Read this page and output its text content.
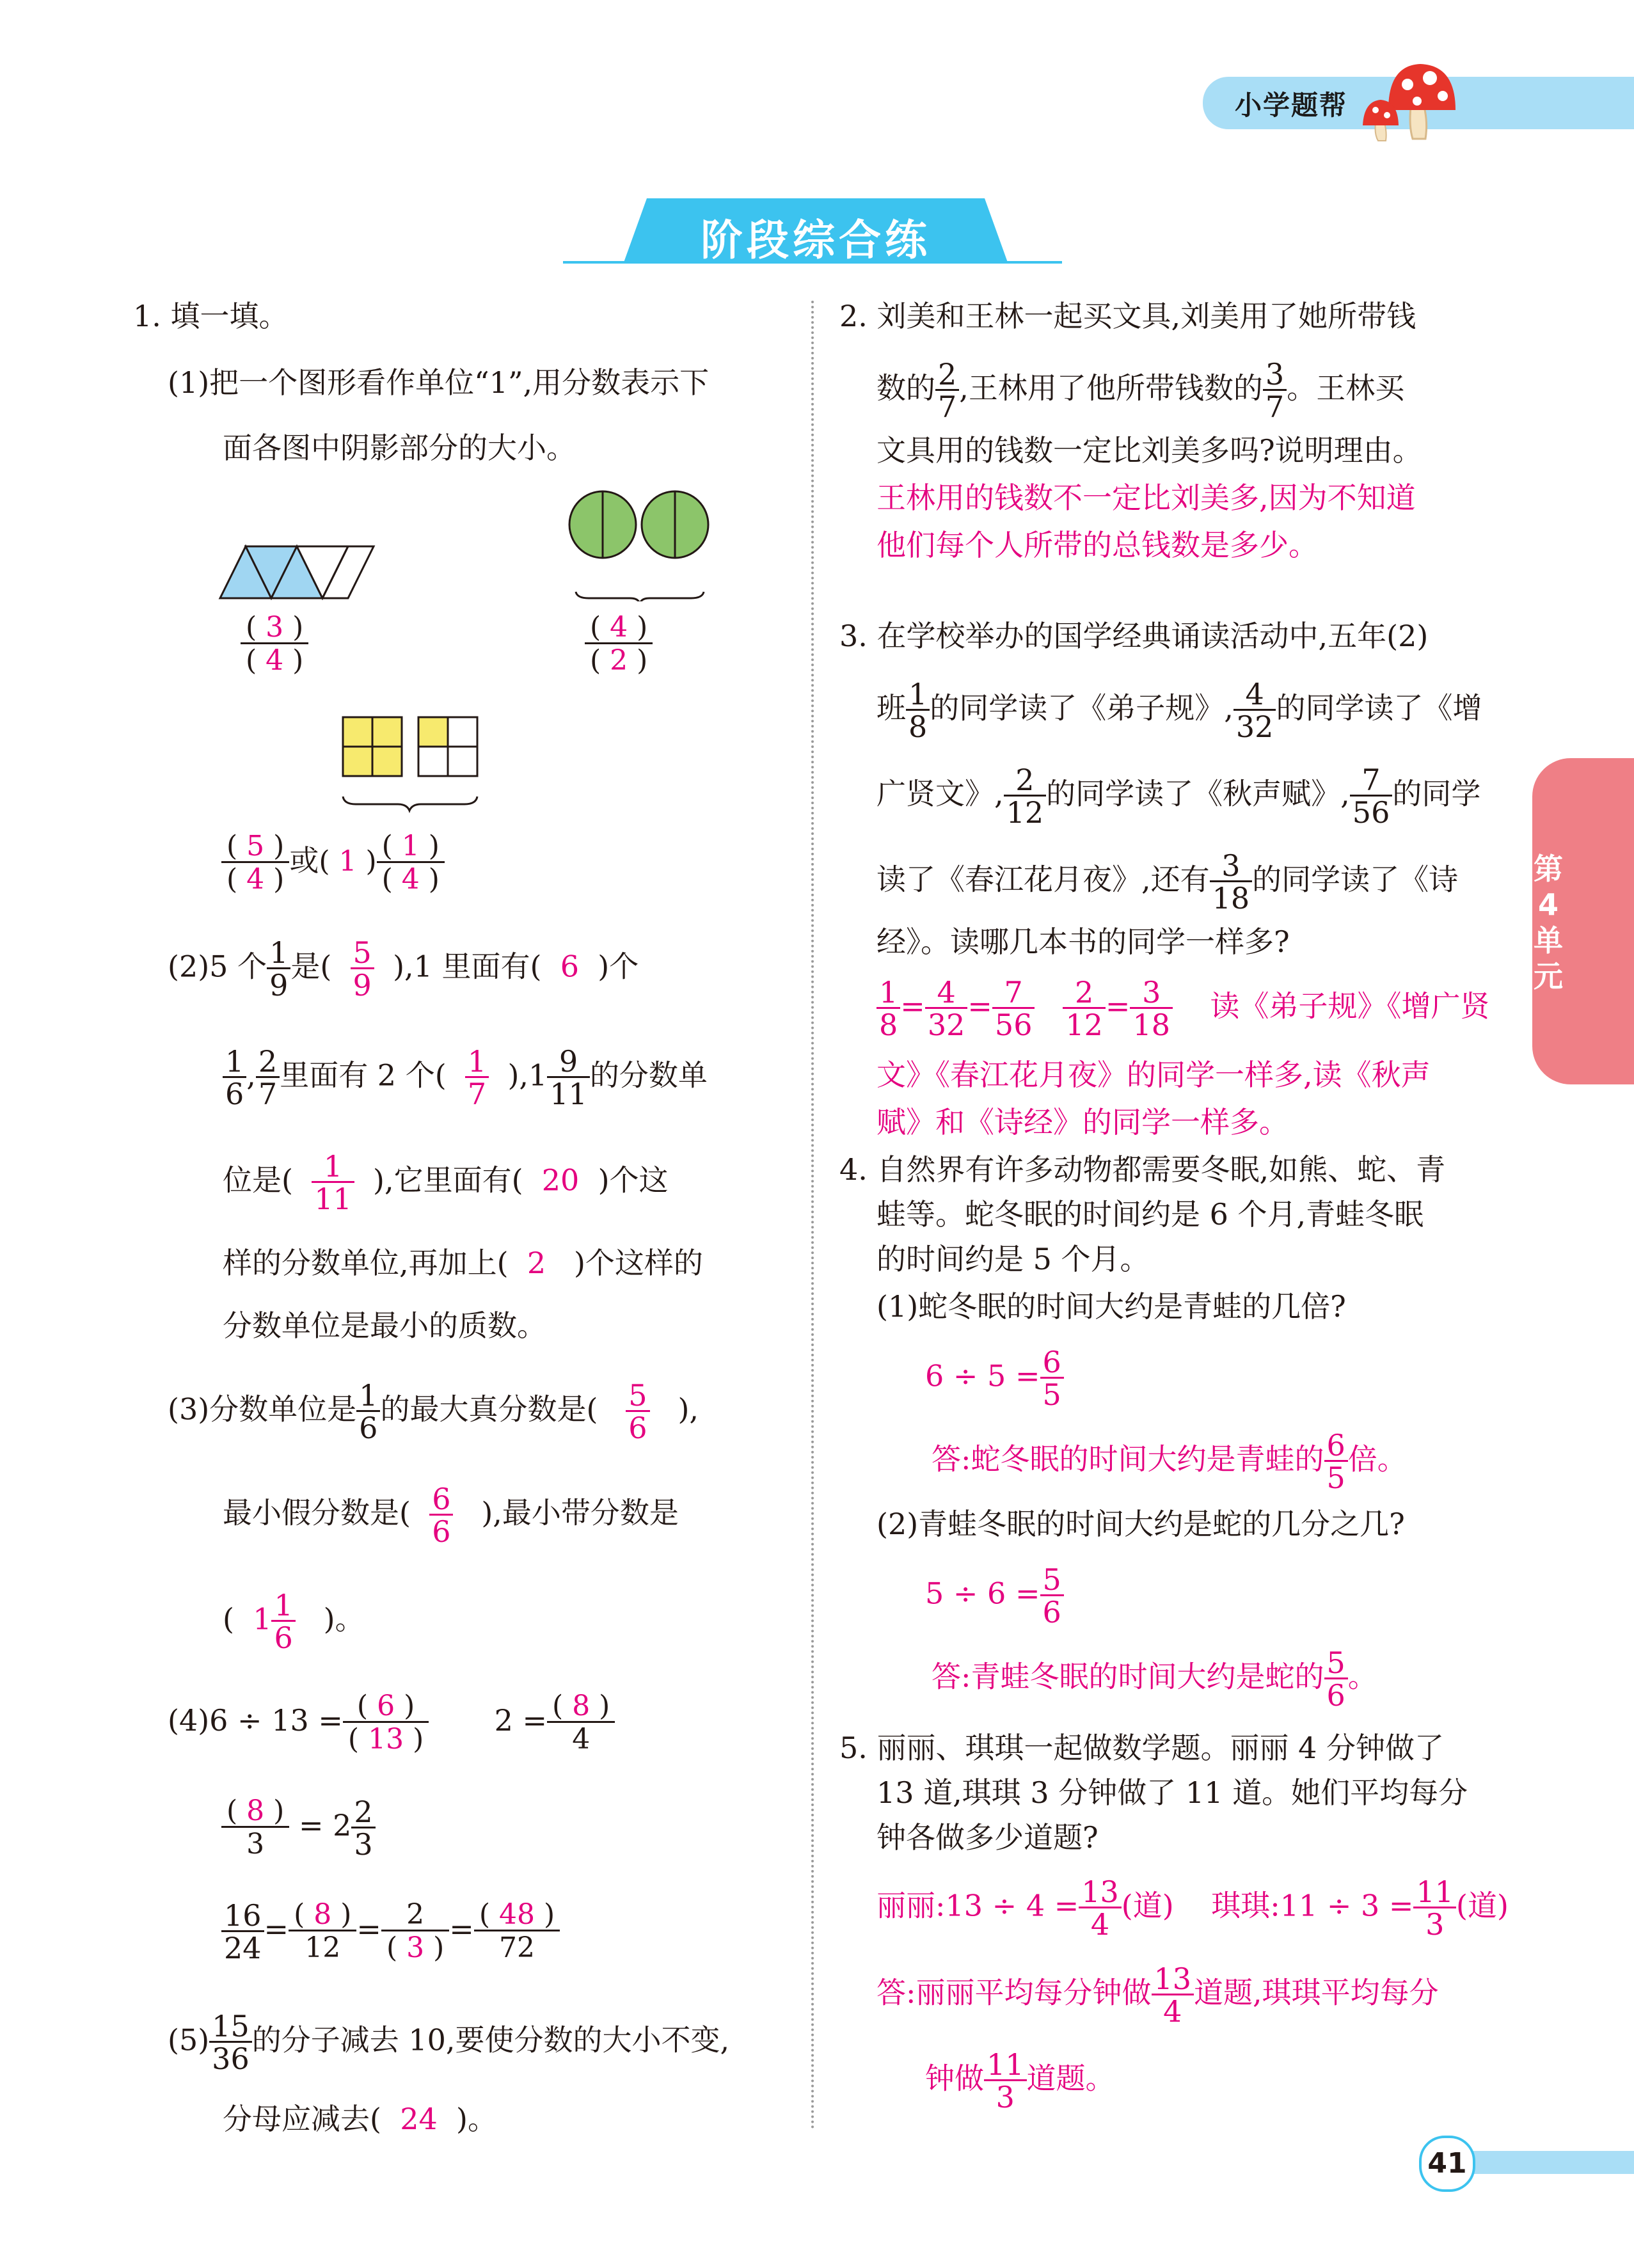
小学题帮
阶段综合练
第4单元
41
1. 填一填。
(1)把一个图形看作单位“1”,用分数表示下
面各图中阴影部分的大小。
$\frac{( 3 )}{( 4 )}$	$\frac{( 4 )}{( 2 )}$
$\frac{( 5 )}{( 4 )}$ 或( 1 ) $\frac{( 1 )}{( 4 )}$
(2)5 个 $\frac{1}{9}$ 是( $\frac{5}{9} ),1$ 里面有( 6 )个
$\frac{1}{6}$ , $\frac{2}{7}$ 里面有 2 个( $\frac{1}{7} ),1 \frac{9}{11}$ 的分数单
位是( $\frac{1}{11}$ ),它里面有( 20 )个这
样的分数单位,再加上( 2 )个这样的
分数单位是最小的质数。
(3)分数单位是 $\frac{1}{6}$ 的最大真分数是( $\frac{5}{6}$ ),
最小假分数是( $\frac{6}{6}$ ),最小带分数是
( $1 \frac{1}{6}$ )。
$(4)6 \div 13 = \frac{( 6 )}{( 13 )} 2 = \frac{( 8 )}{4}$
$\frac{( 8 )}{3} = 2 \frac{2}{3}$
$\frac{16}{24} = \frac{( 8 )}{12} = \frac{2}{( 3 )} = \frac{( 48 )}{72}$
$(5) \frac{15}{36}$ 的分子减去 10,要使分数的大小不变,
分母应减去( 24 )。
2. 刘美和王林一起买文具,刘美用了她所带钱
数的 $\frac{2}{7}$ ,王林用了他所带钱数的 $\frac{3}{7}$ 。王林买
文具用的钱数一定比刘美多吗?说明理由。
王林用的钱数不一定比刘美多,因为不知道
他们每个人所带的总钱数是多少。
3. 在学校举办的国学经典诵读活动中,五年(2)
班 $\frac{1}{8}$ 的同学读了《弟子规》, $\frac{4}{32}$ 的同学读了《增
广贤文》, $\frac{2}{12}$ 的同学读了《秋声赋》, $\frac{7}{56}$ 的同学
读了《春江花月夜》,还有 $\frac{3}{18}$ 的同学读了《诗
经》。读哪几本书的同学一样多?
$\frac{1}{8} = \frac{4}{32} = \frac{7}{56}$
$\frac{2}{12} = \frac{3}{18}$ 读《弟子规》《增广贤
文》《春江花月夜》的同学一样多,读《秋声
赋》和《诗经》的同学一样多。
4. 自然界有许多动物都需要冬眠,如熊、蛇、青
蛙等。蛇冬眠的时间约是 6 个月,青蛙冬眠
的时间约是 5 个月。
(1)蛇冬眠的时间大约是青蛙的几倍?
$6 \div 5 = \frac{6}{5}$
答:蛇冬眠的时间大约是青蛙的 $\frac{6}{5}$ 倍。
(2)青蛙冬眠的时间大约是蛇的几分之几?
$5 \div 6 = \frac{5}{6}$
答:青蛙冬眠的时间大约是蛇的 $\frac{5}{6}$ 。
5. 丽丽、琪琪一起做数学题。丽丽 4 分钟做了
13 道,琪琪 3 分钟做了 11 道。她们平均每分
钟各做多少道题?
丽丽:13 ÷ $4 = \frac{13}{4}$ (道) 琪琪:11 ÷ $3 = \frac{11}{3}$ (道)
答:丽丽平均每分钟做 $\frac{13}{4}$ 道题,琪琪平均每分
钟做 $\frac{11}{3}$ 道题。
